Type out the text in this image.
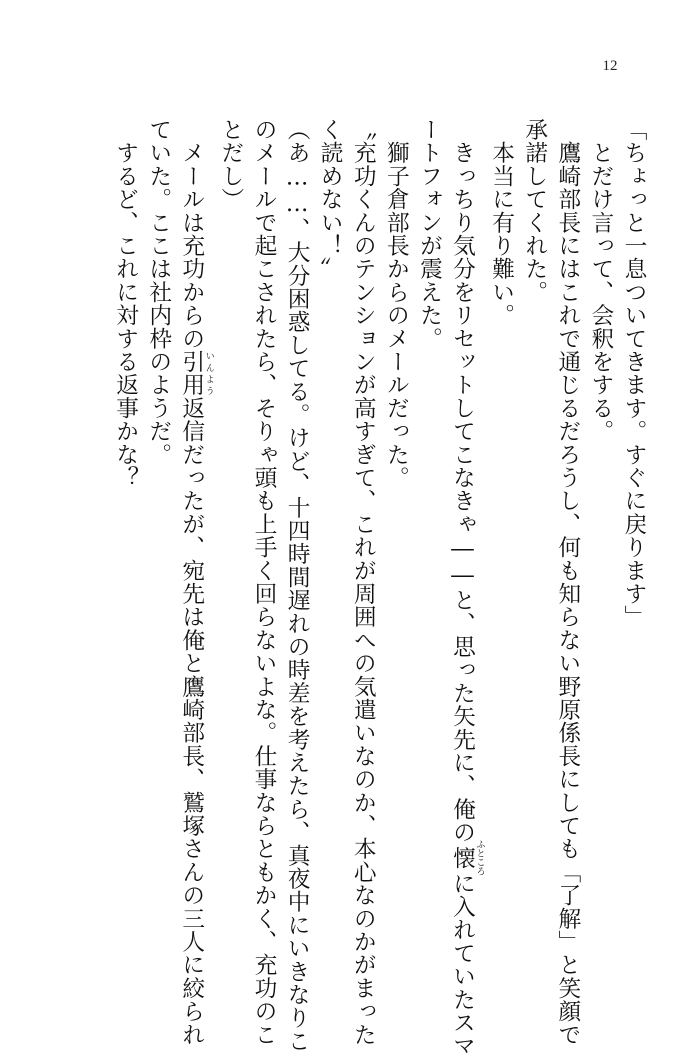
12
「ちょっと一息ついてきます。すぐに戻ります」
　とだけ言って、会釈をする。
　鷹崎部長にはこれで通じるだろうし、何も知らない野原係長にしても「了解」と笑顔で
承諾してくれた。
　本当に有り難い。
　きっちり気分をリセットしてこなきゃ――と、思った矢先に、俺の懐 ふところに入れていたスマ
ートフォンが震えた。
　獅子倉部長からのメールだった。
〝充功くんのテンションが高すぎて、これが周囲への気遣いなのか、本心なのかがまった
く読めない！〟
（あ……、大分困惑してる。けど、十四時間遅れの時差を考えたら、真夜中にいきなりこ
のメールで起こされたら、そりゃ頭も上手く回らないよな。仕事ならともかく、充功のこ
とだし）
　メールは充功からの引用 いんよう返信だったが、宛先は俺と鷹崎部長、鷲塚さんの三人に絞られ
ていた。ここは社内枠のようだ。
　するど、これに対する返事かな？
